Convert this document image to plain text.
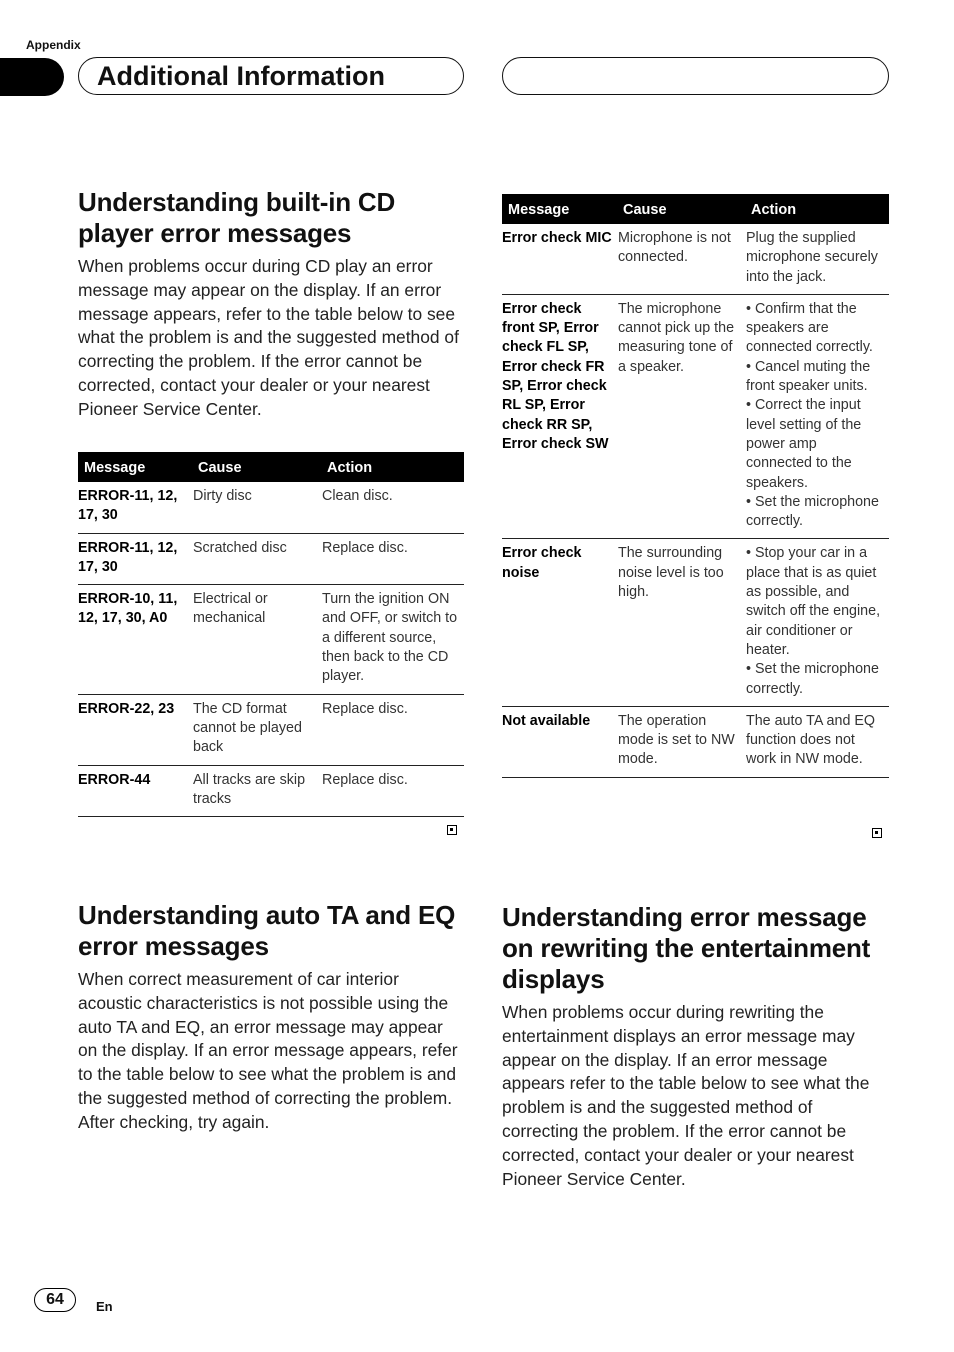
Appendix
Additional Information
Understanding built-in CD player error messages
When problems occur during CD play an error message may appear on the display. If an error message appears, refer to the table below to see what the problem is and the suggested method of correcting the problem. If the error cannot be corrected, contact your dealer or your nearest Pioneer Service Center.
Message	Cause	Action
ERROR-11, 12, 17, 30	Dirty disc	Clean disc.
ERROR-11, 12, 17, 30	Scratched disc	Replace disc.
ERROR-10, 11, 12, 17, 30, A0	Electrical or mechanical	Turn the ignition ON and OFF, or switch to a different source, then back to the CD player.
ERROR-22, 23	The CD format cannot be played back	Replace disc.
ERROR-44	All tracks are skip tracks	Replace disc.
Understanding auto TA and EQ error messages
When correct measurement of car interior acoustic characteristics is not possible using the auto TA and EQ, an error message may appear on the display. If an error message appears, refer to the table below to see what the problem is and the suggested method of correcting the problem. After checking, try again.
Message	Cause	Action
Error check MIC	Microphone is not connected.	Plug the supplied microphone securely into the jack.
Error check front SP, Error check FL SP, Error check FR SP, Error check RL SP, Error check RR SP, Error check SW	The microphone cannot pick up the measuring tone of a speaker.	• Confirm that the speakers are connected correctly.
• Cancel muting the front speaker units.
• Correct the input level setting of the power amp connected to the speakers.
• Set the microphone correctly.
Error check noise	The surrounding noise level is too high.	• Stop your car in a place that is as quiet as possible, and switch off the engine, air conditioner or heater.
• Set the microphone correctly.
Not available	The operation mode is set to NW mode.	The auto TA and EQ function does not work in NW mode.
Understanding error message on rewriting the entertainment displays
When problems occur during rewriting the entertainment displays an error message may appear on the display. If an error message appears refer to the table below to see what the problem is and the suggested method of correcting the problem. If the error cannot be corrected, contact your dealer or your nearest Pioneer Service Center.
64	En
